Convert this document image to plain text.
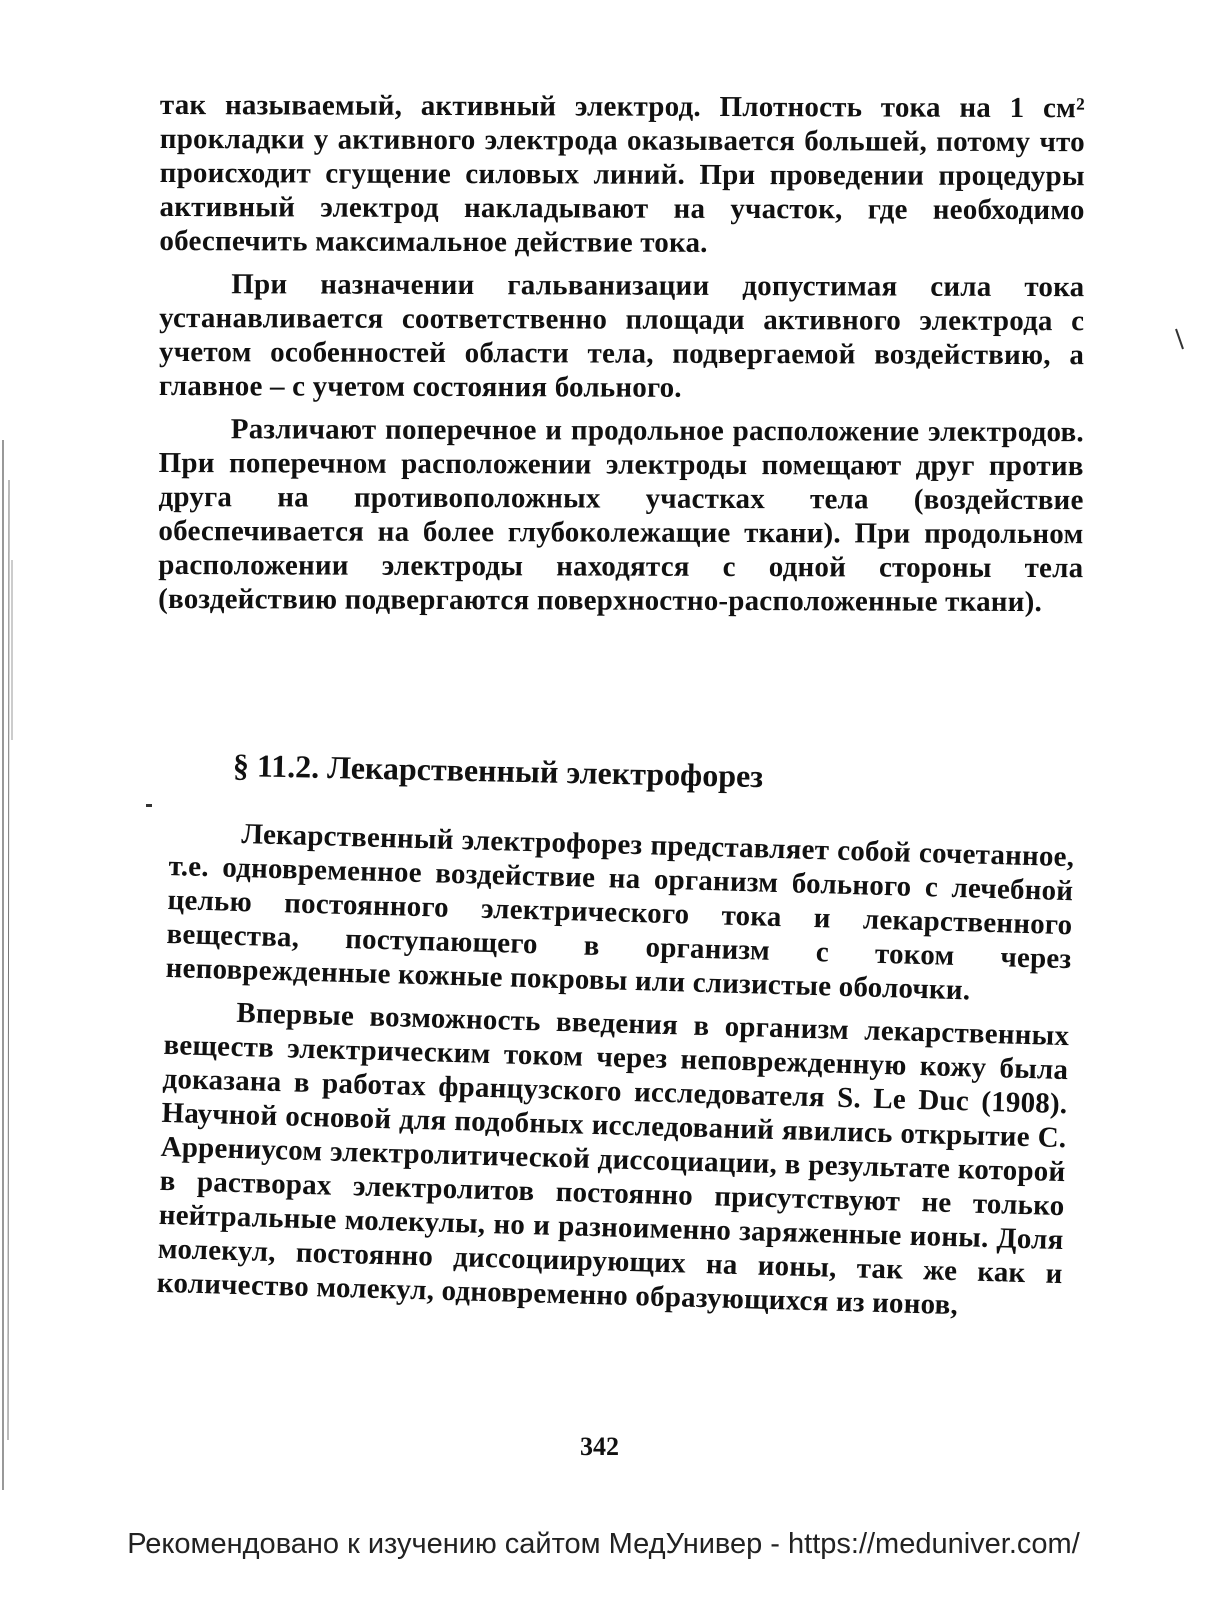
так называемый, активный электрод. Плотность тока на 1 см² прокладки у активного электрода оказывается большей, потому что происходит сгущение силовых линий. При проведении процедуры активный электрод накладывают на участок, где необходимо обеспечить максимальное действие тока.

При назначении гальванизации допустимая сила тока устанавливается соответственно площади активного электрода с учетом особенностей области тела, подвергаемой воздействию, а главное – с учетом состояния больного.

Различают поперечное и продольное расположение электродов. При поперечном расположении электроды помещают друг против друга на противоположных участках тела (воздействие обеспечивается на более глубоколежащие ткани). При продольном расположении электроды находятся с одной стороны тела (воздействию подвергаются поверхностно-расположенные ткани).

§ 11.2. Лекарственный электрофорез

Лекарственный электрофорез представляет собой сочетанное, т.е. одновременное воздействие на организм больного с лечебной целью постоянного электрического тока и лекарственного вещества, поступающего в организм с током через неповрежденные кожные покровы или слизистые оболочки.

Впервые возможность введения в организм лекарственных веществ электрическим током через неповрежденную кожу была доказана в работах французского исследователя S. Le Duc (1908). Научной основой для подобных исследований явились открытие С. Аррениусом электролитической диссоциации, в результате которой в растворах электролитов постоянно присутствуют не только нейтральные молекулы, но и разноименно заряженные ионы. Доля молекул, постоянно диссоциирующих на ионы, так же как и количество молекул, одновременно образующихся из ионов,

342
Рекомендовано к изучению сайтом МедУнивер - https://meduniver.com/
